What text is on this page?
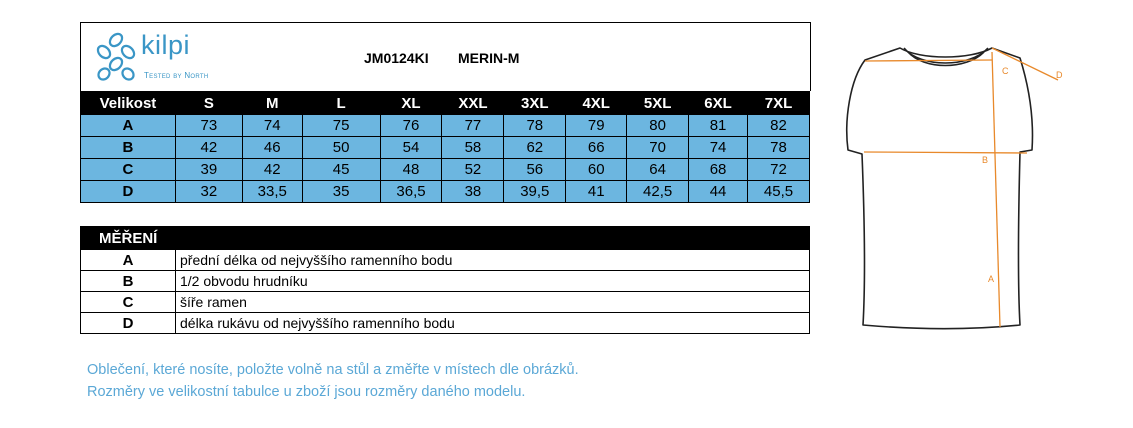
kilpi
Tested by North
JM0124KI MERIN-M
Velikost	S	M	L	XL	XXL	3XL	4XL	5XL	6XL	7XL
A	73	74	75	76	77	78	79	80	81	82
B	42	46	50	54	58	62	66	70	74	78
C	39	42	45	48	52	56	60	64	68	72
D	32	33,5	35	36,5	38	39,5	41	42,5	44	45,5
MĚŘENÍ	
A	přední délka od nejvyššího ramenního bodu
B	1/2 obvodu hrudníku
C	šíře ramen
D	délka rukávu od nejvyššího ramenního bodu
Oblečení, které nosíte, položte volně na stůl a změřte v místech dle obrázků.
Rozměry ve velikostní tabulce u zboží jsou rozměry daného modelu.
C	D
B
A
